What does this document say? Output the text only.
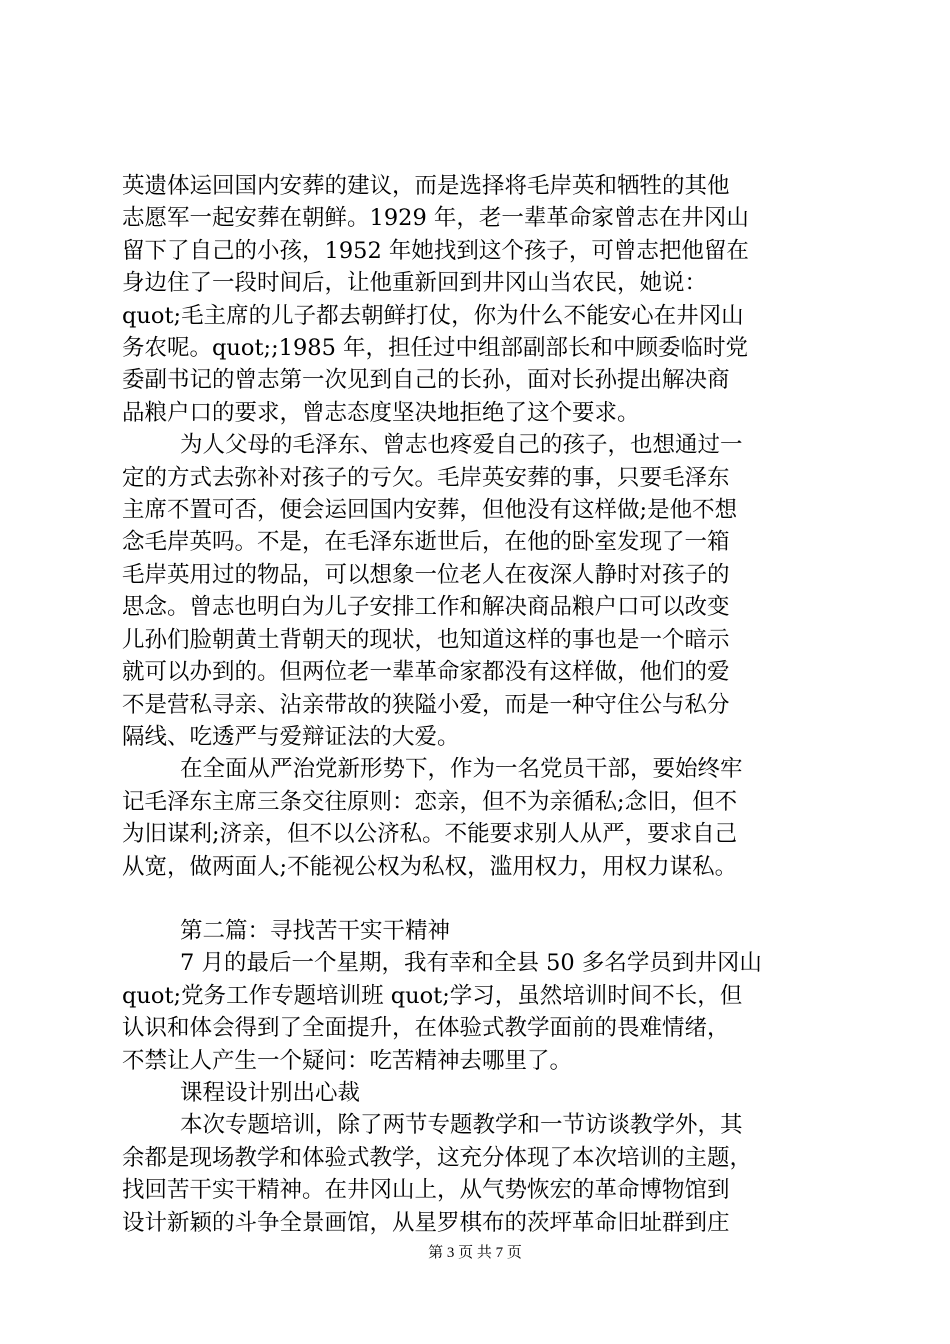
英遗体运回国内安葬的建议，而是选择将毛岸英和牺牲的其他
志愿军一起安葬在朝鲜。1929 年，老一辈革命家曾志在井冈山
留下了自己的小孩，1952 年她找到这个孩子，可曾志把他留在
身边住了一段时间后，让他重新回到井冈山当农民，她说：
quot;毛主席的儿子都去朝鲜打仗，你为什么不能安心在井冈山
务农呢。quot;;1985 年，担任过中组部副部长和中顾委临时党
委副书记的曾志第一次见到自己的长孙，面对长孙提出解决商
品粮户口的要求，曾志态度坚决地拒绝了这个要求。

为人父母的毛泽东、曾志也疼爱自己的孩子，也想通过一
定的方式去弥补对孩子的亏欠。毛岸英安葬的事，只要毛泽东
主席不置可否，便会运回国内安葬，但他没有这样做;是他不想
念毛岸英吗。不是，在毛泽东逝世后，在他的卧室发现了一箱
毛岸英用过的物品，可以想象一位老人在夜深人静时对孩子的
思念。曾志也明白为儿子安排工作和解决商品粮户口可以改变
儿孙们脸朝黄土背朝天的现状，也知道这样的事也是一个暗示
就可以办到的。但两位老一辈革命家都没有这样做，他们的爱
不是营私寻亲、沾亲带故的狭隘小爱，而是一种守住公与私分
隔线、吃透严与爱辩证法的大爱。

在全面从严治党新形势下，作为一名党员干部，要始终牢
记毛泽东主席三条交往原则：恋亲，但不为亲循私;念旧，但不
为旧谋利;济亲，但不以公济私。不能要求别人从严，要求自己
从宽，做两面人;不能视公权为私权，滥用权力，用权力谋私。

第二篇：寻找苦干实干精神

7 月的最后一个星期，我有幸和全县 50 多名学员到井冈山
quot;党务工作专题培训班 quot;学习，虽然培训时间不长，但
认识和体会得到了全面提升，在体验式教学面前的畏难情绪，
不禁让人产生一个疑问：吃苦精神去哪里了。

课程设计别出心裁

本次专题培训，除了两节专题教学和一节访谈教学外，其
余都是现场教学和体验式教学，这充分体现了本次培训的主题，
找回苦干实干精神。在井冈山上，从气势恢宏的革命博物馆到
设计新颖的斗争全景画馆，从星罗棋布的茨坪革命旧址群到庄

第 3 页 共 7 页
